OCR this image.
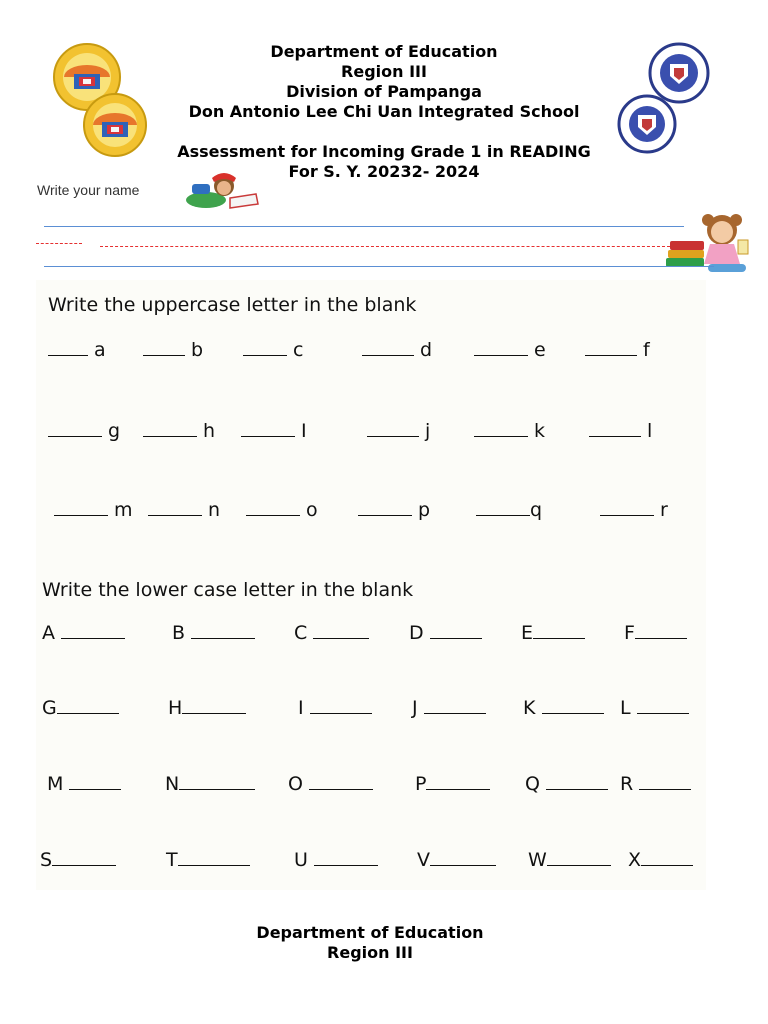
Department of Education
Region III
Division of Pampanga
Don Antonio Lee Chi Uan Integrated School
Assessment for Incoming Grade 1 in READING
For S. Y. 20232- 2024
Write your name
Write the uppercase letter in the blank
a	b	c	d	e	f
g	h	I	j	k	l
m	n	o	p	q	r
Write the lower case letter in the blank
A	B	C	D	E	F
G	H	I	J	K	L
M	N	O	P	Q	R
S	T	U	V	W	X
Department of Education
Region III
